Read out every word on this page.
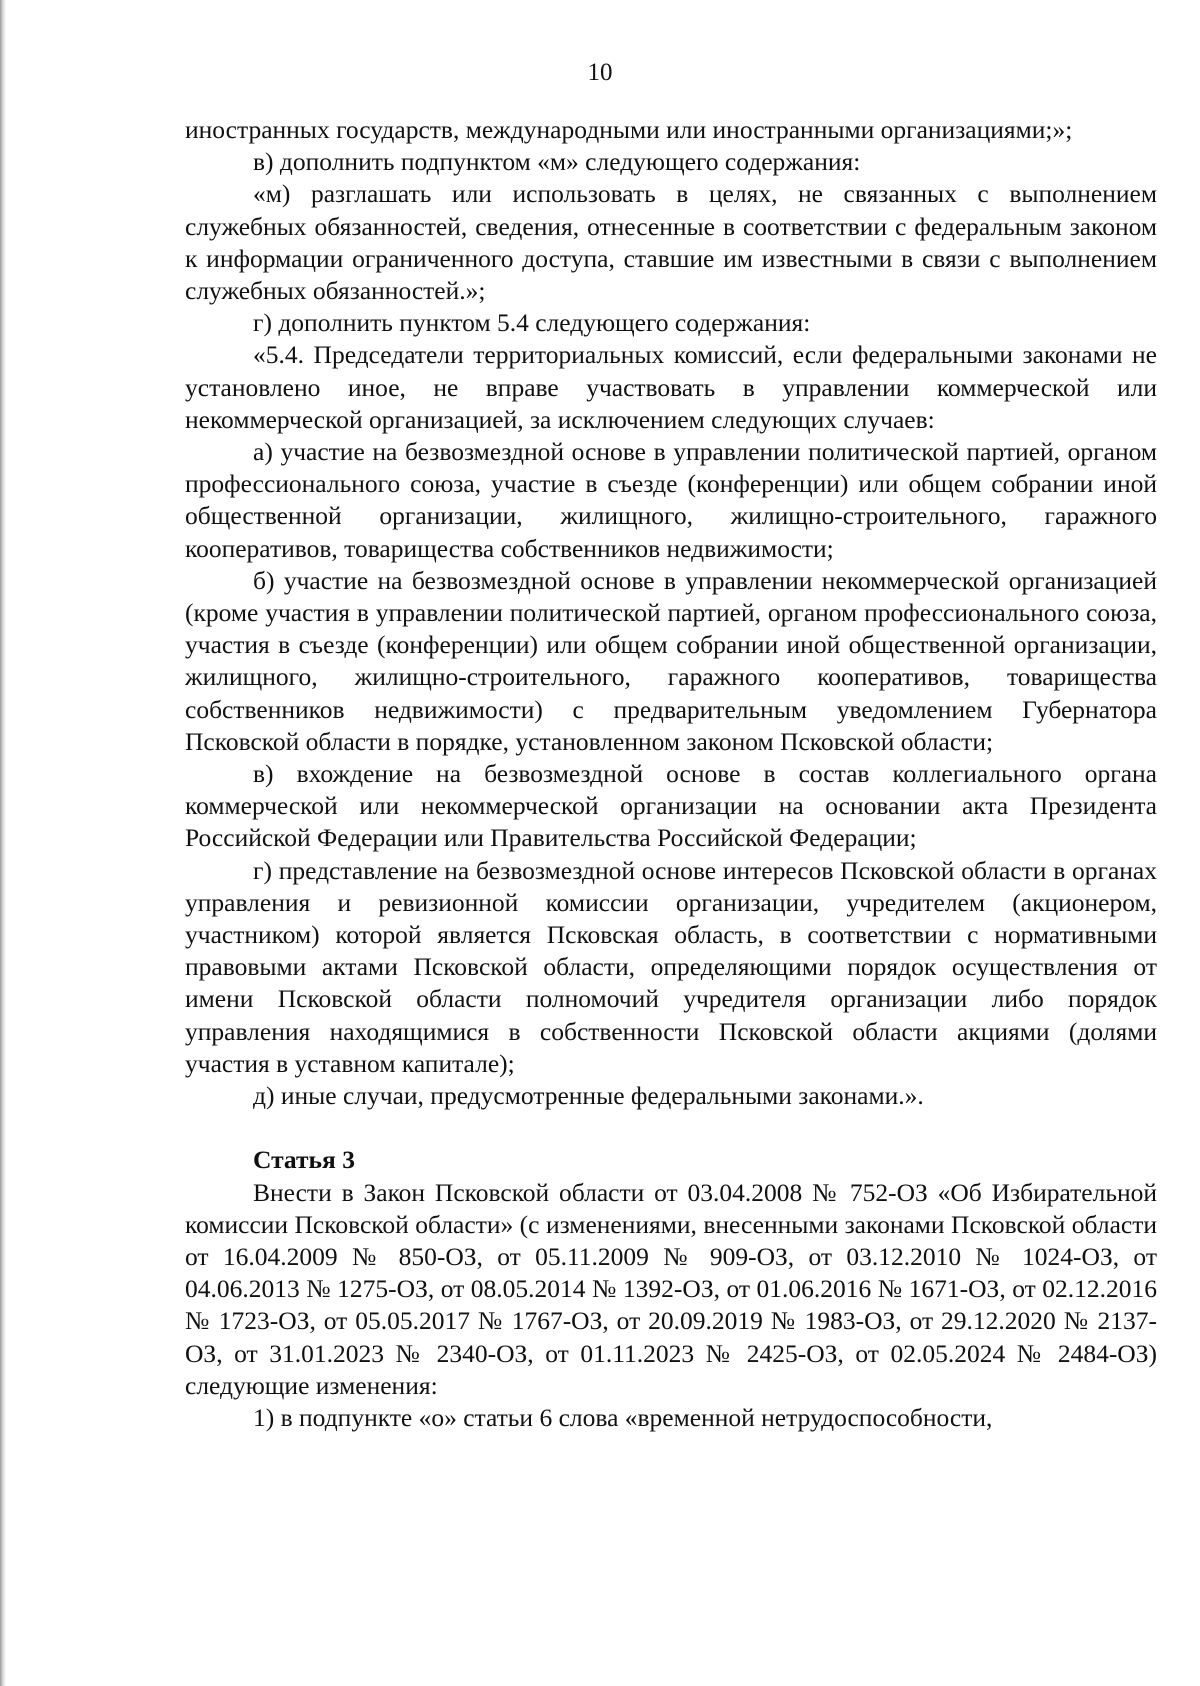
10

иностранных государств, международными или иностранными организациями;»;

в) дополнить подпунктом «м» следующего содержания:

«м) разглашать или использовать в целях, не связанных с выполнением служебных обязанностей, сведения, отнесенные в соответствии с федеральным законом к информации ограниченного доступа, ставшие им известными в связи с выполнением служебных обязанностей.»;

г) дополнить пунктом 5.4 следующего содержания:

«5.4. Председатели территориальных комиссий, если федеральными законами не установлено иное, не вправе участвовать в управлении коммерческой или некоммерческой организацией, за исключением следующих случаев:

а) участие на безвозмездной основе в управлении политической партией, органом профессионального союза, участие в съезде (конференции) или общем собрании иной общественной организации, жилищного, жилищно-строительного, гаражного кооперативов, товарищества собственников недвижимости;

б) участие на безвозмездной основе в управлении некоммерческой организацией (кроме участия в управлении политической партией, органом профессионального союза, участия в съезде (конференции) или общем собрании иной общественной организации, жилищного, жилищно-строительного, гаражного кооперативов, товарищества собственников недвижимости) с предварительным уведомлением Губернатора Псковской области в порядке, установленном законом Псковской области;

в) вхождение на безвозмездной основе в состав коллегиального органа коммерческой или некоммерческой организации на основании акта Президента Российской Федерации или Правительства Российской Федерации;

г) представление на безвозмездной основе интересов Псковской области в органах управления и ревизионной комиссии организации, учредителем (акционером, участником) которой является Псковская область, в соответствии с нормативными правовыми актами Псковской области, определяющими порядок осуществления от имени Псковской области полномочий учредителя организации либо порядок управления находящимися в собственности Псковской области акциями (долями участия в уставном капитале);

д) иные случаи, предусмотренные федеральными законами.».

Статья 3

Внести в Закон Псковской области от 03.04.2008 № 752-ОЗ «Об Избирательной комиссии Псковской области» (с изменениями, внесенными законами Псковской области от 16.04.2009 № 850-ОЗ, от 05.11.2009 № 909-ОЗ, от 03.12.2010 № 1024-ОЗ, от 04.06.2013 № 1275-ОЗ, от 08.05.2014 № 1392-ОЗ, от 01.06.2016 № 1671-ОЗ, от 02.12.2016 № 1723-ОЗ, от 05.05.2017 № 1767-ОЗ, от 20.09.2019 № 1983-ОЗ, от 29.12.2020 № 2137-ОЗ, от 31.01.2023 № 2340-ОЗ, от 01.11.2023 № 2425-ОЗ, от 02.05.2024 № 2484-ОЗ) следующие изменения:

1) в подпункте «о» статьи 6 слова «временной нетрудоспособности,
